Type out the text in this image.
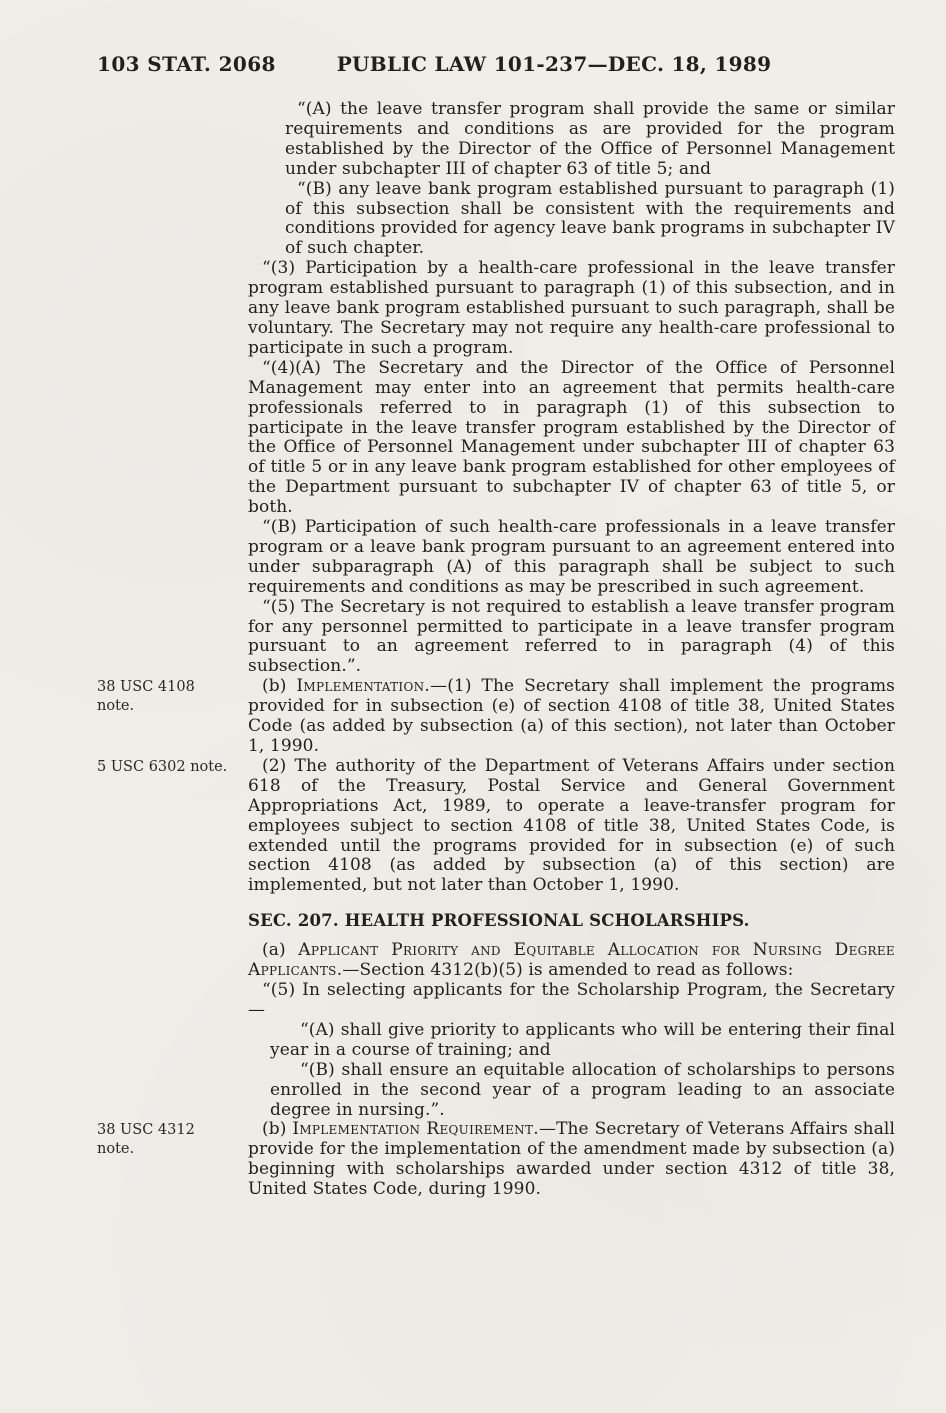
103 STAT. 2068	PUBLIC LAW 101-237—DEC. 18, 1989

“(A) the leave transfer program shall provide the same or similar requirements and conditions as are provided for the program established by the Director of the Office of Personnel Management under subchapter III of chapter 63 of title 5; and

“(B) any leave bank program established pursuant to paragraph (1) of this subsection shall be consistent with the requirements and conditions provided for agency leave bank programs in subchapter IV of such chapter.

“(3) Participation by a health-care professional in the leave transfer program established pursuant to paragraph (1) of this subsection, and in any leave bank program established pursuant to such paragraph, shall be voluntary. The Secretary may not require any health-care professional to participate in such a program.

“(4)(A) The Secretary and the Director of the Office of Personnel Management may enter into an agreement that permits health-care professionals referred to in paragraph (1) of this subsection to participate in the leave transfer program established by the Director of the Office of Personnel Management under subchapter III of chapter 63 of title 5 or in any leave bank program established for other employees of the Department pursuant to subchapter IV of chapter 63 of title 5, or both.

“(B) Participation of such health-care professionals in a leave transfer program or a leave bank program pursuant to an agreement entered into under subparagraph (A) of this paragraph shall be subject to such requirements and conditions as may be prescribed in such agreement.

“(5) The Secretary is not required to establish a leave transfer program for any personnel permitted to participate in a leave transfer program pursuant to an agreement referred to in paragraph (4) of this subsection.”.

38 USC 4108
note.

(b) Implementation.—(1) The Secretary shall implement the programs provided for in subsection (e) of section 4108 of title 38, United States Code (as added by subsection (a) of this section), not later than October 1, 1990.

5 USC 6302 note.	(2) The authority of the Department of Veterans Affairs under section 618 of the Treasury, Postal Service and General Government Appropriations Act, 1989, to operate a leave-transfer program for employees subject to section 4108 of title 38, United States Code, is extended until the programs provided for in subsection (e) of such section 4108 (as added by subsection (a) of this section) are implemented, but not later than October 1, 1990.

SEC. 207. HEALTH PROFESSIONAL SCHOLARSHIPS.

(a) Applicant Priority and Equitable Allocation for Nursing Degree Applicants.—Section 4312(b)(5) is amended to read as follows:

“(5) In selecting applicants for the Scholarship Program, the Secretary—

“(A) shall give priority to applicants who will be entering their final year in a course of training; and

“(B) shall ensure an equitable allocation of scholarships to persons enrolled in the second year of a program leading to an associate degree in nursing.”.

38 USC 4312
note.

(b) Implementation Requirement.—The Secretary of Veterans Affairs shall provide for the implementation of the amendment made by subsection (a) beginning with scholarships awarded under section 4312 of title 38, United States Code, during 1990.
